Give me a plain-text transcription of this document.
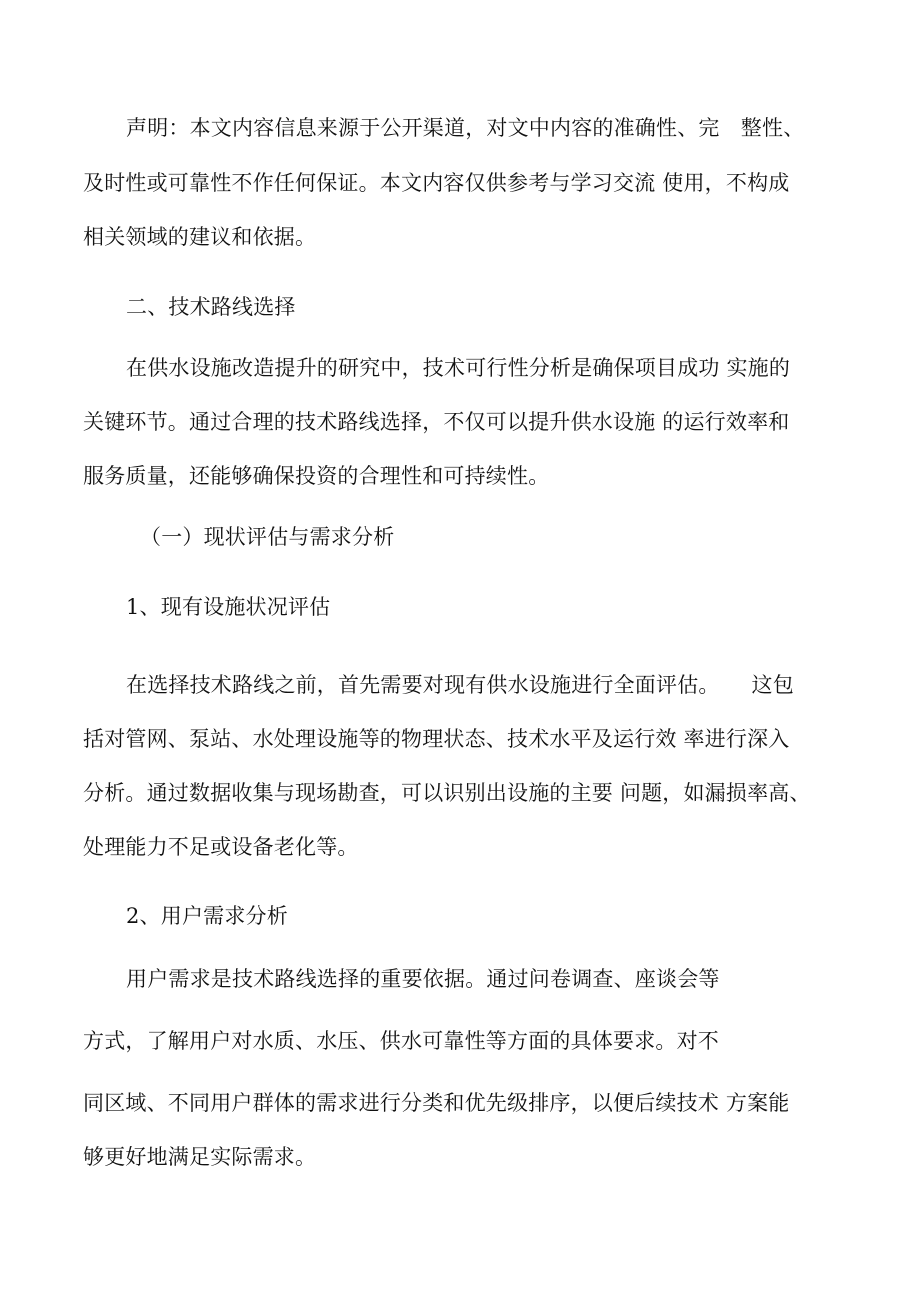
声明：本文内容信息来源于公开渠道，对文中内容的准确性、完　整性、
及时性或可靠性不作任何保证。本文内容仅供参考与学习交流 使用，不构成
相关领域的建议和依据。
二、技术路线选择
在供水设施改造提升的研究中，技术可行性分析是确保项目成功 实施的
关键环节。通过合理的技术路线选择，不仅可以提升供水设施 的运行效率和
服务质量，还能够确保投资的合理性和可持续性。
（一）现状评估与需求分析
1、现有设施状况评估
在选择技术路线之前，首先需要对现有供水设施进行全面评估。　　这包
括对管网、泵站、水处理设施等的物理状态、技术水平及运行效 率进行深入
分析。通过数据收集与现场勘查，可以识别出设施的主要 问题，如漏损率高、
处理能力不足或设备老化等。
2、用户需求分析
用户需求是技术路线选择的重要依据。通过问卷调查、座谈会等
方式，了解用户对水质、水压、供水可靠性等方面的具体要求。对不
同区域、不同用户群体的需求进行分类和优先级排序，以便后续技术 方案能
够更好地满足实际需求。
